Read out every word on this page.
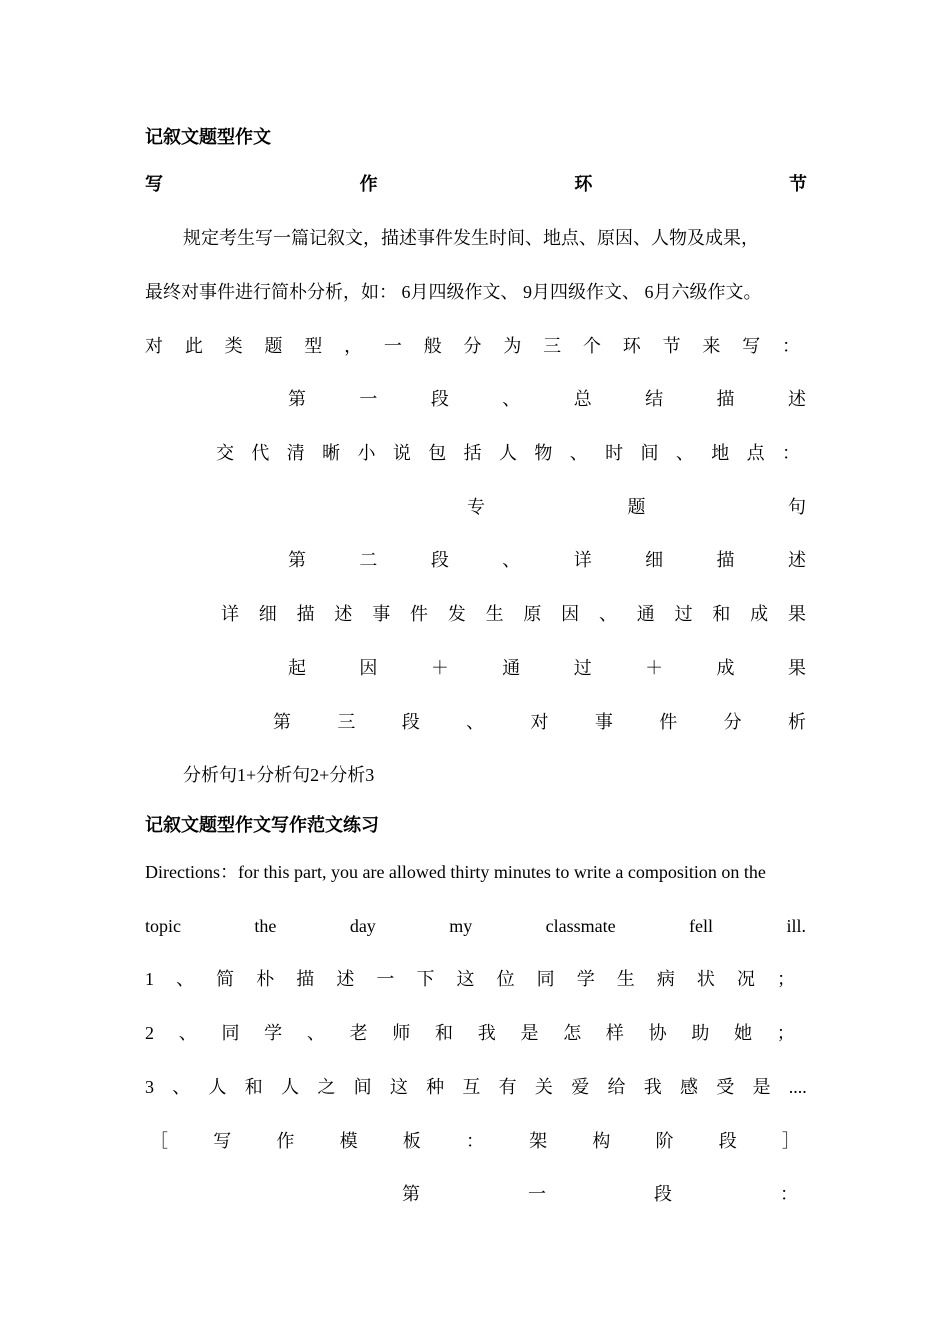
记叙文题型作文
写	作	环	节
规定考生写一篇记叙文，描述事件发生时间、地点、原因、人物及成果，
最终对事件进行简朴分析，如： 6月四级作文、 9月四级作文、 6月六级作文。
对 此 类 题 型 ， 一 般 分 为 三 个 环 节 来 写 ：
第	一	段	、	总	结	描	述
交 代 清 晰 小 说 包 括 人 物 、 时 间 、 地 点 ：
专	题	句
第	二	段	、	详	细	描	述
详 细 描 述 事 件 发 生 原 因 、 通 过 和 成 果
起	因	＋	通	过	＋	成	果
第	三	段	、	对	事	件	分	析
分析句1+分析句2+分析3
记叙文题型作文写作范文练习
Directions：for this part, you are allowed thirty minutes to write a composition on the
topic	the	day	my	classmate	fell	ill.
1 、 简 朴 描 述 一 下 这 位 同 学 生 病 状 况 ；
2 、 同 学 、 老 师 和 我 是 怎 样 协 助 她 ；
3 、 人 和 人 之 间 这 种 互 有 关 爱 给 我 感 受 是 ....
［	写	作	模	板	：	架	构	阶	段	］
第	一	段	：
